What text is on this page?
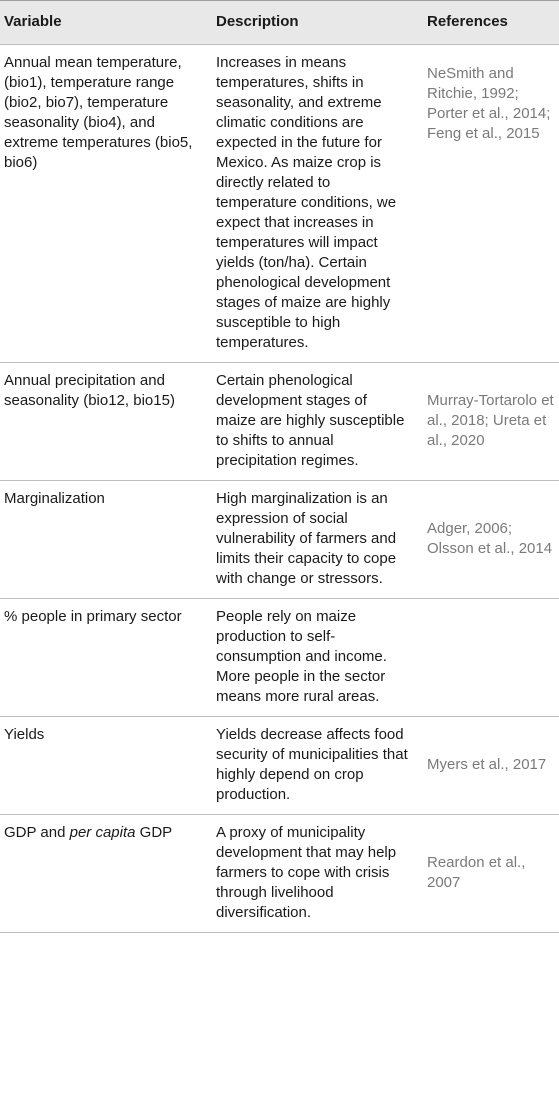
Variable	Description	References
Annual mean temperature, (bio1), temperature range (bio2, bio7), temperature seasonality (bio4), and extreme temperatures (bio5, bio6)	Increases in means temperatures, shifts in seasonality, and extreme climatic conditions are expected in the future for Mexico. As maize crop is directly related to temperature conditions, we expect that increases in temperatures will impact yields (ton/ha). Certain phenological development stages of maize are highly susceptible to high temperatures.	NeSmith and Ritchie, 1992; Porter et al., 2014; Feng et al., 2015

Annual precipitation and seasonality (bio12, bio15)	Certain phenological development stages of maize are highly susceptible to shifts to annual precipitation regimes.	Murray-Tortarolo et al., 2018; Ureta et al., 2020

Marginalization	High marginalization is an expression of social vulnerability of farmers and limits their capacity to cope with change or stressors.	Adger, 2006; Olsson et al., 2014

% people in primary sector	People rely on maize production to self-consumption and income. More people in the sector means more rural areas.	

Yields	Yields decrease affects food security of municipalities that highly depend on crop production.	Myers et al., 2017

GDP and per capita GDP	A proxy of municipality development that may help farmers to cope with crisis through livelihood diversification.	Reardon et al., 2007
